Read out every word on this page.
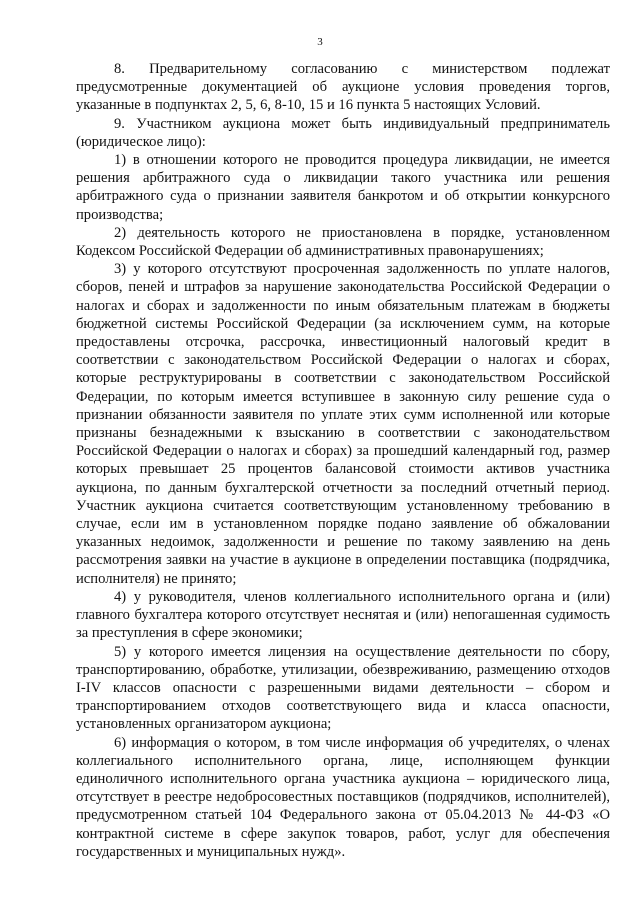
3

8. Предварительному согласованию с министерством подлежат предусмотренные документацией об аукционе условия проведения торгов, указанные в подпунктах 2, 5, 6, 8-10, 15 и 16 пункта 5 настоящих Условий.

9. Участником аукциона может быть индивидуальный предприниматель (юридическое лицо):

1) в отношении которого не проводится процедура ликвидации, не имеется решения арбитражного суда о ликвидации такого участника или решения арбитражного суда о признании заявителя банкротом и об открытии конкурсного производства;

2) деятельность которого не приостановлена в порядке, установленном Кодексом Российской Федерации об административных правонарушениях;

3) у которого отсутствуют просроченная задолженность по уплате налогов, сборов, пеней и штрафов за нарушение законодательства Российской Федерации о налогах и сборах и задолженности по иным обязательным платежам в бюджеты бюджетной системы Российской Федерации (за исключением сумм, на которые предоставлены отсрочка, рассрочка, инвестиционный налоговый кредит в соответствии с законодательством Российской Федерации о налогах и сборах, которые реструктурированы в соответствии с законодательством Российской Федерации, по которым имеется вступившее в законную силу решение суда о признании обязанности заявителя по уплате этих сумм исполненной или которые признаны безнадежными к взысканию в соответствии с законодательством Российской Федерации о налогах и сборах) за прошедший календарный год, размер которых превышает 25 процентов балансовой стоимости активов участника аукциона, по данным бухгалтерской отчетности за последний отчетный период. Участник аукциона считается соответствующим установленному требованию в случае, если им в установленном порядке подано заявление об обжаловании указанных недоимок, задолженности и решение по такому заявлению на день рассмотрения заявки на участие в аукционе в определении поставщика (подрядчика, исполнителя) не принято;

4) у руководителя, членов коллегиального исполнительного органа и (или) главного бухгалтера которого отсутствует неснятая и (или) непогашенная судимость за преступления в сфере экономики;

5) у которого имеется лицензия на осуществление деятельности по сбору, транспортированию, обработке, утилизации, обезвреживанию, размещению отходов I-IV классов опасности с разрешенными видами деятельности – сбором и транспортированием отходов соответствующего вида и класса опасности, установленных организатором аукциона;

6) информация о котором, в том числе информация об учредителях, о членах коллегиального исполнительного органа, лице, исполняющем функции единоличного исполнительного органа участника аукциона – юридического лица, отсутствует в реестре недобросовестных поставщиков (подрядчиков, исполнителей), предусмотренном статьей 104 Федерального закона от 05.04.2013 № 44-ФЗ «О контрактной системе в сфере закупок товаров, работ, услуг для обеспечения государственных и муниципальных нужд».
